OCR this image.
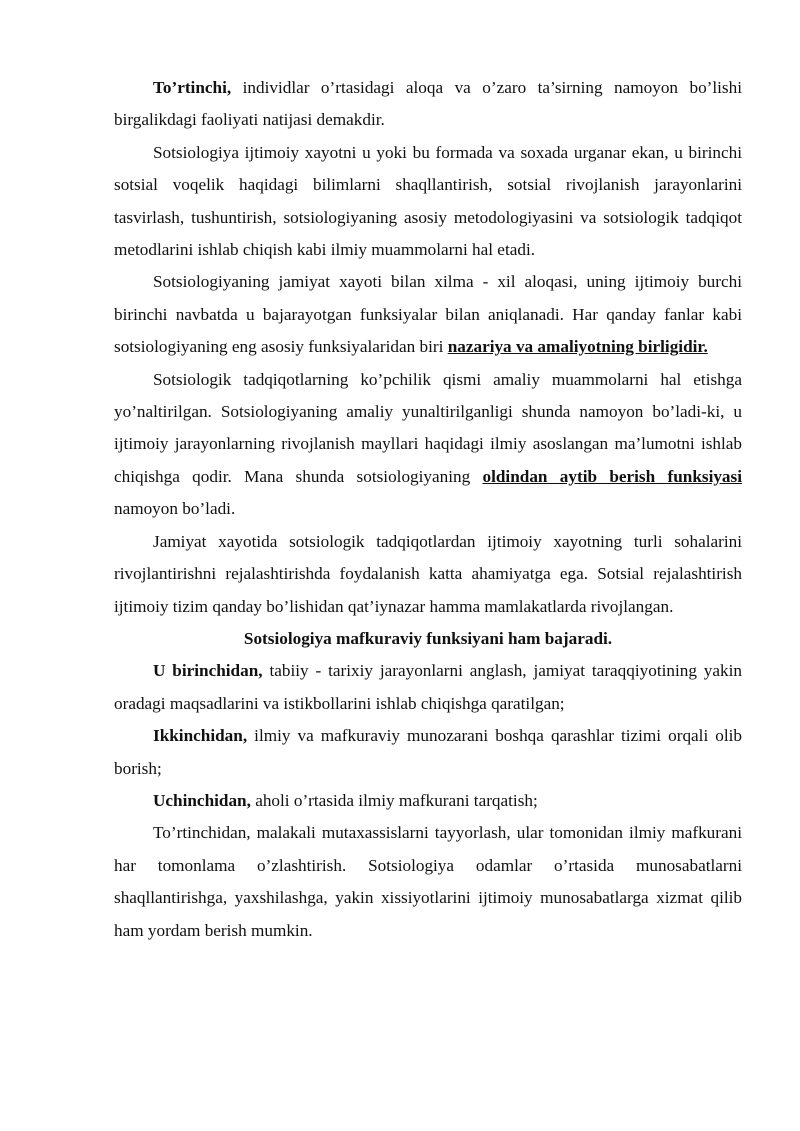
To’rtinchi, individlar o’rtasidagi aloqa va o’zaro ta’sirning namoyon bo’lishi birgalikdagi faoliyati natijasi demakdir.

Sotsiologiya ijtimoiy xayotni u yoki bu formada va soxada urganar ekan, u birinchi sotsial voqelik haqidagi bilimlarni shaqllantirish, sotsial rivojlanish jarayonlarini tasvirlash, tushuntirish, sotsiologiyaning asosiy metodologiyasini va sotsiologik tadqiqot metodlarini ishlab chiqish kabi ilmiy muammolarni hal etadi.

Sotsiologiyaning jamiyat xayoti bilan xilma - xil aloqasi, uning ijtimoiy burchi birinchi navbatda u bajarayotgan funksiyalar bilan aniqlanadi. Har qanday fanlar kabi sotsiologiyaning eng asosiy funksiyalaridan biri nazariya va amaliyotning birligidir.

Sotsiologik tadqiqotlarning ko’pchilik qismi amaliy muammolarni hal etishga yo’naltirilgan. Sotsiologiyaning amaliy yunaltirilganligi shunda namoyon bo’ladi-ki, u ijtimoiy jarayonlarning rivojlanish mayllari haqidagi ilmiy asoslangan ma’lumotni ishlab chiqishga qodir. Mana shunda sotsiologiyaning oldindan aytib berish funksiyasi namoyon bo’ladi.

Jamiyat xayotida sotsiologik tadqiqotlardan ijtimoiy xayotning turli sohalarini rivojlantirishni rejalashtirishda foydalanish katta ahamiyatga ega. Sotsial rejalashtirish ijtimoiy tizim qanday bo’lishidan qat’iynazar hamma mamlakatlarda rivojlangan.

Sotsiologiya mafkuraviy funksiyani ham bajaradi.

U birinchidan, tabiiy - tarixiy jarayonlarni anglash, jamiyat taraqqiyotining yakin oradagi maqsadlarini va istikbollarini ishlab chiqishga qaratilgan;

Ikkinchidan, ilmiy va mafkuraviy munozarani boshqa qarashlar tizimi orqali olib borish;

Uchinchidan, aholi o’rtasida ilmiy mafkurani tarqatish;

To’rtinchidan, malakali mutaxassislarni tayyorlash, ular tomonidan ilmiy mafkurani har tomonlama o’zlashtirish. Sotsiologiya odamlar o’rtasida munosabatlarni shaqllantirishga, yaxshilashga, yakin xissiyotlarini ijtimoiy munosabatlarga xizmat qilib ham yordam berish mumkin.
